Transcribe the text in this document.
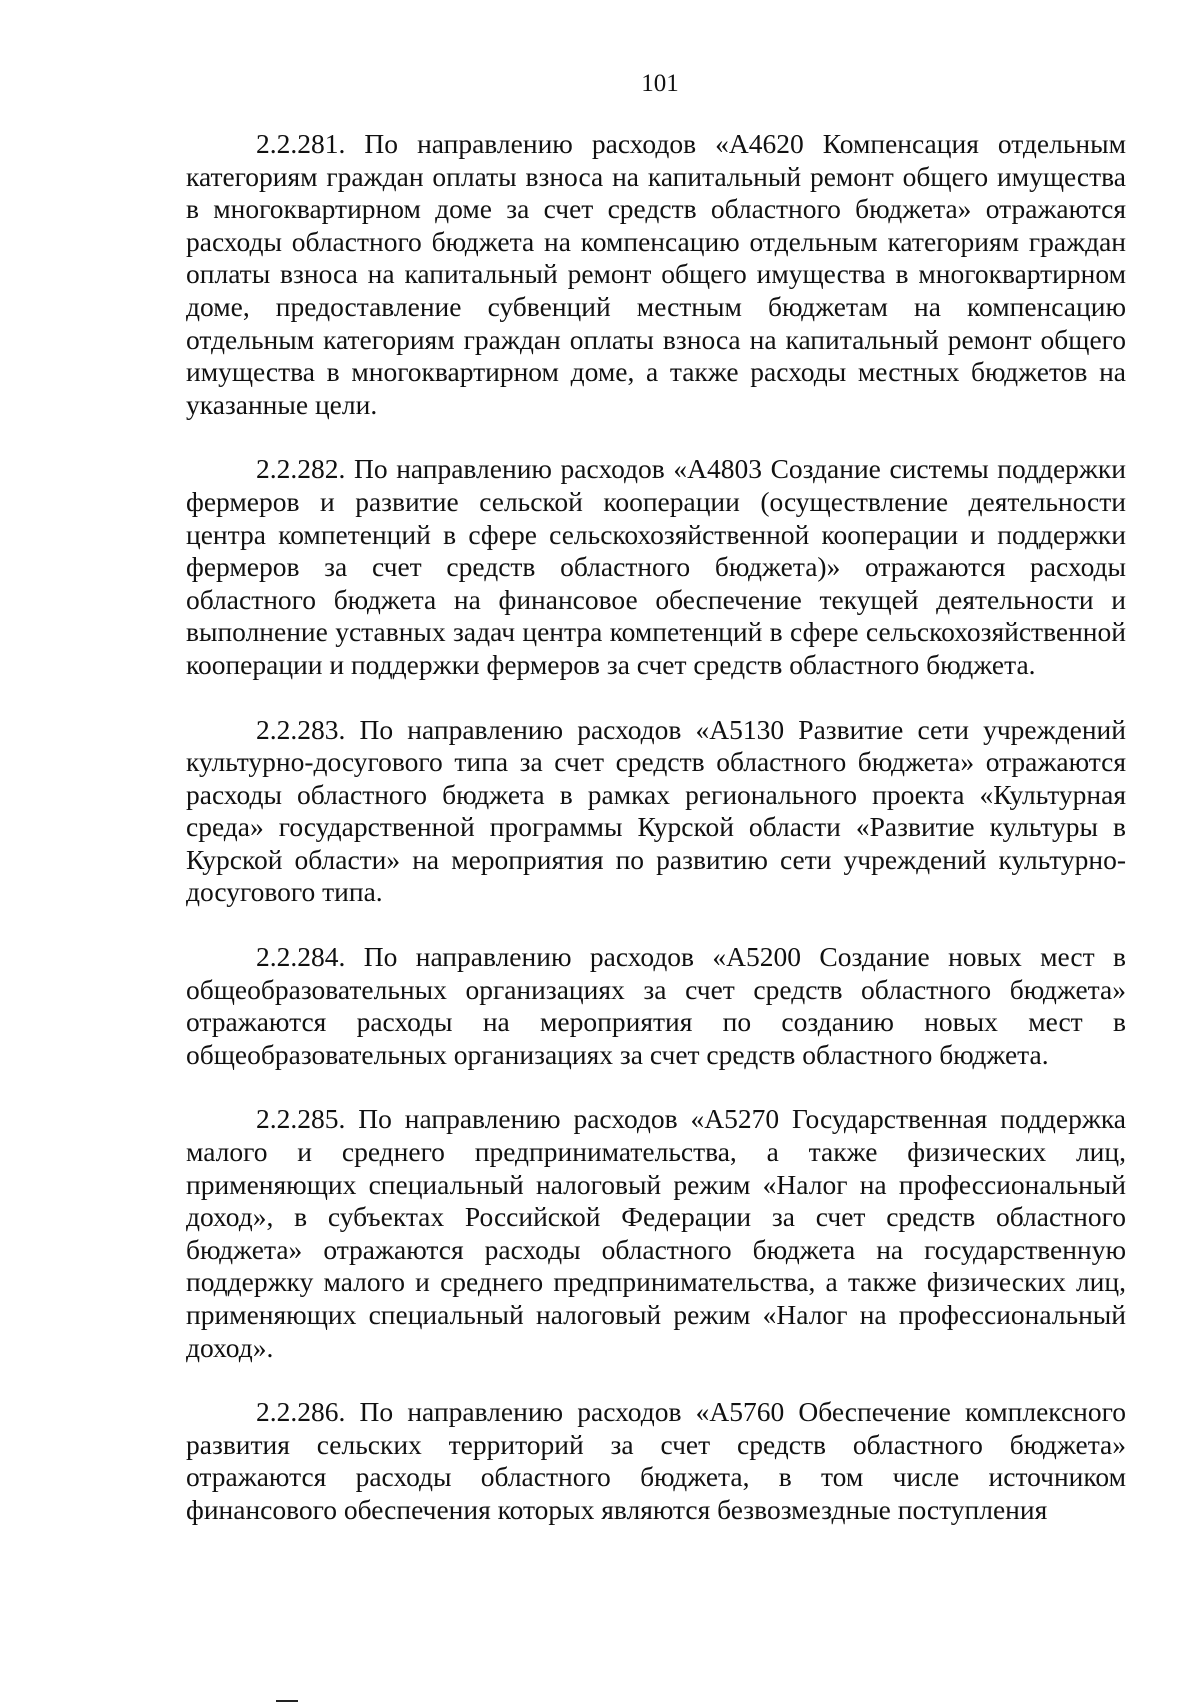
101

2.2.281. По направлению расходов «А4620 Компенсация отдельным категориям граждан оплаты взноса на капитальный ремонт общего имущества в многоквартирном доме за счет средств областного бюджета» отражаются расходы областного бюджета на компенсацию отдельным категориям граждан оплаты взноса на капитальный ремонт общего имущества в многоквартирном доме, предоставление субвенций местным бюджетам на компенсацию отдельным категориям граждан оплаты взноса на капитальный ремонт общего имущества в многоквартирном доме, а также расходы местных бюджетов на указанные цели.

2.2.282. По направлению расходов «А4803 Создание системы поддержки фермеров и развитие сельской кооперации (осуществление деятельности центра компетенций в сфере сельскохозяйственной кооперации и поддержки фермеров за счет средств областного бюджета)» отражаются расходы областного бюджета на финансовое обеспечение текущей деятельности и выполнение уставных задач центра компетенций в сфере сельскохозяйственной кооперации и поддержки фермеров за счет средств областного бюджета.

2.2.283. По направлению расходов «А5130 Развитие сети учреждений культурно-досугового типа за счет средств областного бюджета» отражаются расходы областного бюджета в рамках регионального проекта «Культурная среда» государственной программы Курской области «Развитие культуры в Курской области» на мероприятия по развитию сети учреждений культурно-досугового типа.

2.2.284. По направлению расходов «А5200 Создание новых мест в общеобразовательных организациях за счет средств областного бюджета» отражаются расходы на мероприятия по созданию новых мест в общеобразовательных организациях за счет средств областного бюджета.

2.2.285. По направлению расходов «А5270 Государственная поддержка малого и среднего предпринимательства, а также физических лиц, применяющих специальный налоговый режим «Налог на профессиональный доход», в субъектах Российской Федерации за счет средств областного бюджета» отражаются расходы областного бюджета на государственную поддержку малого и среднего предпринимательства, а также физических лиц, применяющих специальный налоговый режим «Налог на профессиональный доход».

2.2.286. По направлению расходов «А5760 Обеспечение комплексного развития сельских территорий за счет средств областного бюджета» отражаются расходы областного бюджета, в том числе источником финансового обеспечения которых являются безвозмездные поступления
